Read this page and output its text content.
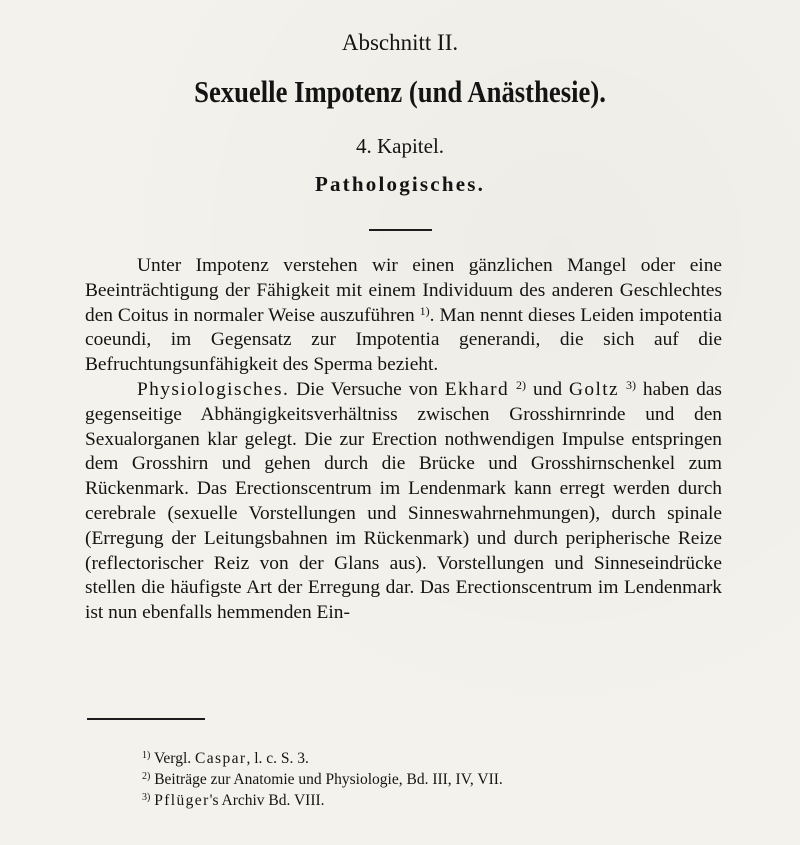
Abschnitt II.
Sexuelle Impotenz (und Anästhesie).
4. Kapitel.
Pathologisches.

Unter Impotenz verstehen wir einen gänzlichen Mangel oder eine Beeinträchtigung der Fähigkeit mit einem Individuum des anderen Geschlechtes den Coitus in normaler Weise auszuführen $^{1)}$. Man nennt dieses Leiden impotentia coeundi, im Gegensatz zur Impotentia generandi, die sich auf die Befruchtungsunfähigkeit des Sperma bezieht.

Physiologisches. Die Versuche von Ekhard $^{2)}$ und Goltz $^{3)}$ haben das gegenseitige Abhängigkeitsverhältniss zwischen Grosshirnrinde und den Sexualorganen klar gelegt. Die zur Erection nothwendigen Impulse entspringen dem Grosshirn und gehen durch die Brücke und Grosshirnschenkel zum Rückenmark. Das Erectionscentrum im Lendenmark kann erregt werden durch cerebrale (sexuelle Vorstellungen und Sinneswahrnehmungen), durch spinale (Erregung der Leitungsbahnen im Rückenmark) und durch peripherische Reize (reflectorischer Reiz von der Glans aus). Vorstellungen und Sinneseindrücke stellen die häufigste Art der Erregung dar. Das Erectionscentrum im Lendenmark ist nun ebenfalls hemmenden Ein-

$^{1)}$ Vergl. Caspar, l. c. S. 3.
$^{2)}$ Beiträge zur Anatomie und Physiologie, Bd. III, IV, VII.
$^{3)}$ Pflüger's Archiv Bd. VIII.
